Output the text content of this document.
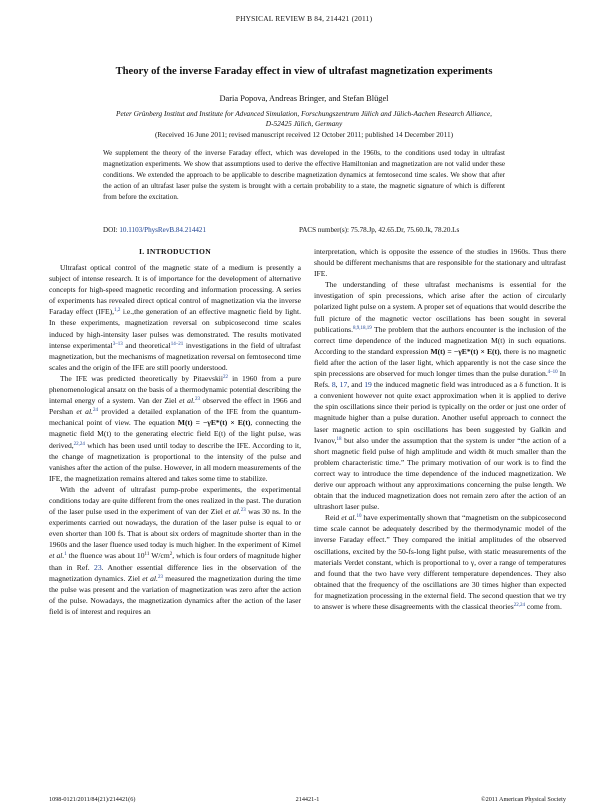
PHYSICAL REVIEW B 84, 214421 (2011)
Theory of the inverse Faraday effect in view of ultrafast magnetization experiments
Daria Popova, Andreas Bringer, and Stefan Blügel
Peter Grünberg Institut and Institute for Advanced Simulation, Forschungszentrum Jülich and Jülich-Aachen Research Alliance,
D-52425 Jülich, Germany
(Received 16 June 2011; revised manuscript received 12 October 2011; published 14 December 2011)

We supplement the theory of the inverse Faraday effect, which was developed in the 1960s, to the conditions used today in ultrafast magnetization experiments. We show that assumptions used to derive the effective Hamiltonian and magnetization are not valid under these conditions. We extended the approach to be applicable to describe magnetization dynamics at femtosecond time scales. We show that after the action of an ultrafast laser pulse the system is brought with a certain probability to a state, the magnetic signature of which is different from before the excitation.

DOI: 10.1103/PhysRevB.84.214421	PACS number(s): 75.78.Jp, 42.65.Dr, 75.60.Jk, 78.20.Ls
I. INTRODUCTION

Ultrafast optical control of the magnetic state of a medium is presently a subject of intense research. It is of importance for the development of alternative concepts for high-speed magnetic recording and information processing. A series of experiments has revealed direct optical control of magnetization via the inverse Faraday effect (IFE),$^{1,2}$ i.e.,the generation of an effective magnetic field by light. In these experiments, magnetization reversal on subpicosecond time scales induced by high-intensity laser pulses was demonstrated. The results motivated intense experimental$^{3-13}$ and theoretical$^{14-21}$ investigations in the field of ultrafast magnetization, but the mechanisms of magnetization reversal on femtosecond time scales and the origin of the IFE are still poorly understood.

The IFE was predicted theoretically by Pitaevskii$^{22}$ in 1960 from a pure phenomenological ansatz on the basis of a thermodynamic potential describing the internal energy of a system. Van der Ziel et al.$^{23}$ observed the effect in 1966 and Pershan et al.$^{24}$ provided a detailed explanation of the IFE from the quantum-mechanical point of view. The equation M(t) = −γE*(t) × E(t), connecting the magnetic field M(t) to the generating electric field E(t) of the light pulse, was derived,$^{22,24}$ which has been used until today to describe the IFE. According to it, the change of magnetization is proportional to the intensity of the pulse and vanishes after the action of the pulse. However, in all modern measurements of the IFE, the magnetization remains altered and takes some time to stabilize.

With the advent of ultrafast pump-probe experiments, the experimental conditions today are quite different from the ones realized in the past. The duration of the laser pulse used in the experiment of van der Ziel et al.$^{23}$ was 30 ns. In the experiments carried out nowadays, the duration of the laser pulse is equal to or even shorter than 100 fs. That is about six orders of magnitude shorter than in the 1960s and the laser fluence used today is much higher. In the experiment of Kimel et al.$^1$ the fluence was about $10^{11}$ $W/cm^2$, which is four orders of magnitude higher than in Ref. 23. Another essential difference lies in the observation of the magnetization dynamics. Ziel et al.$^{23}$ measured the magnetization during the time the pulse was present and the variation of magnetization was zero after the action of the pulse. Nowadays, the magnetization dynamics after the action of the laser field is of interest and requires an

interpretation, which is opposite the essence of the studies in 1960s. Thus there should be different mechanisms that are responsible for the stationary and ultrafast IFE.

The understanding of these ultrafast mechanisms is essential for the investigation of spin precessions, which arise after the action of circularly polarized light pulse on a system. A proper set of equations that would describe the full picture of the magnetic vector oscillations has been sought in several publications.$^{8,9,18,19}$ The problem that the authors encounter is the inclusion of the correct time dependence of the induced magnetization M(t) in such equations. According to the standard expression M(t) = −γE*(t) × E(t), there is no magnetic field after the action of the laser light, which apparently is not the case since the spin precessions are observed for much longer times than the pulse duration.$^{4-10}$ In Refs. 8, 17, and 19 the induced magnetic field was introduced as a δ function. It is a convenient however not quite exact approximation when it is applied to derive the spin oscillations since their period is typically on the order or just one order of magnitude higher than a pulse duration. Another useful approach to connect the laser magnetic action to spin oscillations has been suggested by Galkin and Ivanov,$^{18}$ but also under the assumption that the system is under “the action of a short magnetic field pulse of high amplitude and width δt much smaller than the problem characteristic time.” The primary motivation of our work is to find the correct way to introduce the time dependence of the induced magnetization. We derive our approach without any approximations concerning the pulse length. We obtain that the induced magnetization does not remain zero after the action of an ultrashort laser pulse.

Reid et al.$^{10}$ have experimentally shown that “magnetism on the subpicosecond time scale cannot be adequately described by the thermodynamic model of the inverse Faraday effect.” They compared the initial amplitudes of the observed oscillations, excited by the 50-fs-long light pulse, with static measurements of the materials Verdet constant, which is proportional to γ, over a range of temperatures and found that the two have very different temperature dependences. They also obtained that the frequency of the oscillations are 30 times higher than expected for magnetization processing in the external field. The second question that we try to answer is where these disagreements with the classical theories$^{22,24}$ come from.

1098-0121/2011/84(21)/214421(6)	214421-1	©2011 American Physical Society
